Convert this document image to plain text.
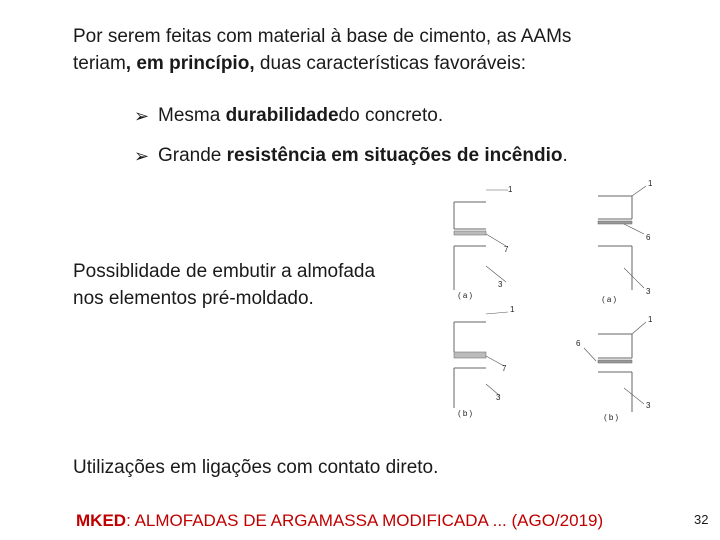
Por serem feitas com material à base de cimento, as AAMs
teriam, em princípio, duas características favoráveis:
➢ Mesma
durabilidade do concreto.
➢ Grande
resistência em situações de incêndio .
Possiblidade de embutir a almofada
nos elementos pré-moldado.
1
7
3
( a )
1
6
3
( a )
1
7
3
( b )
1
6
3
( b )
Utilizações em ligações com contato direto.
MKED: ALMOFADAS DE ARGAMASSA MODIFICADA ... (AGO/2019)	32
